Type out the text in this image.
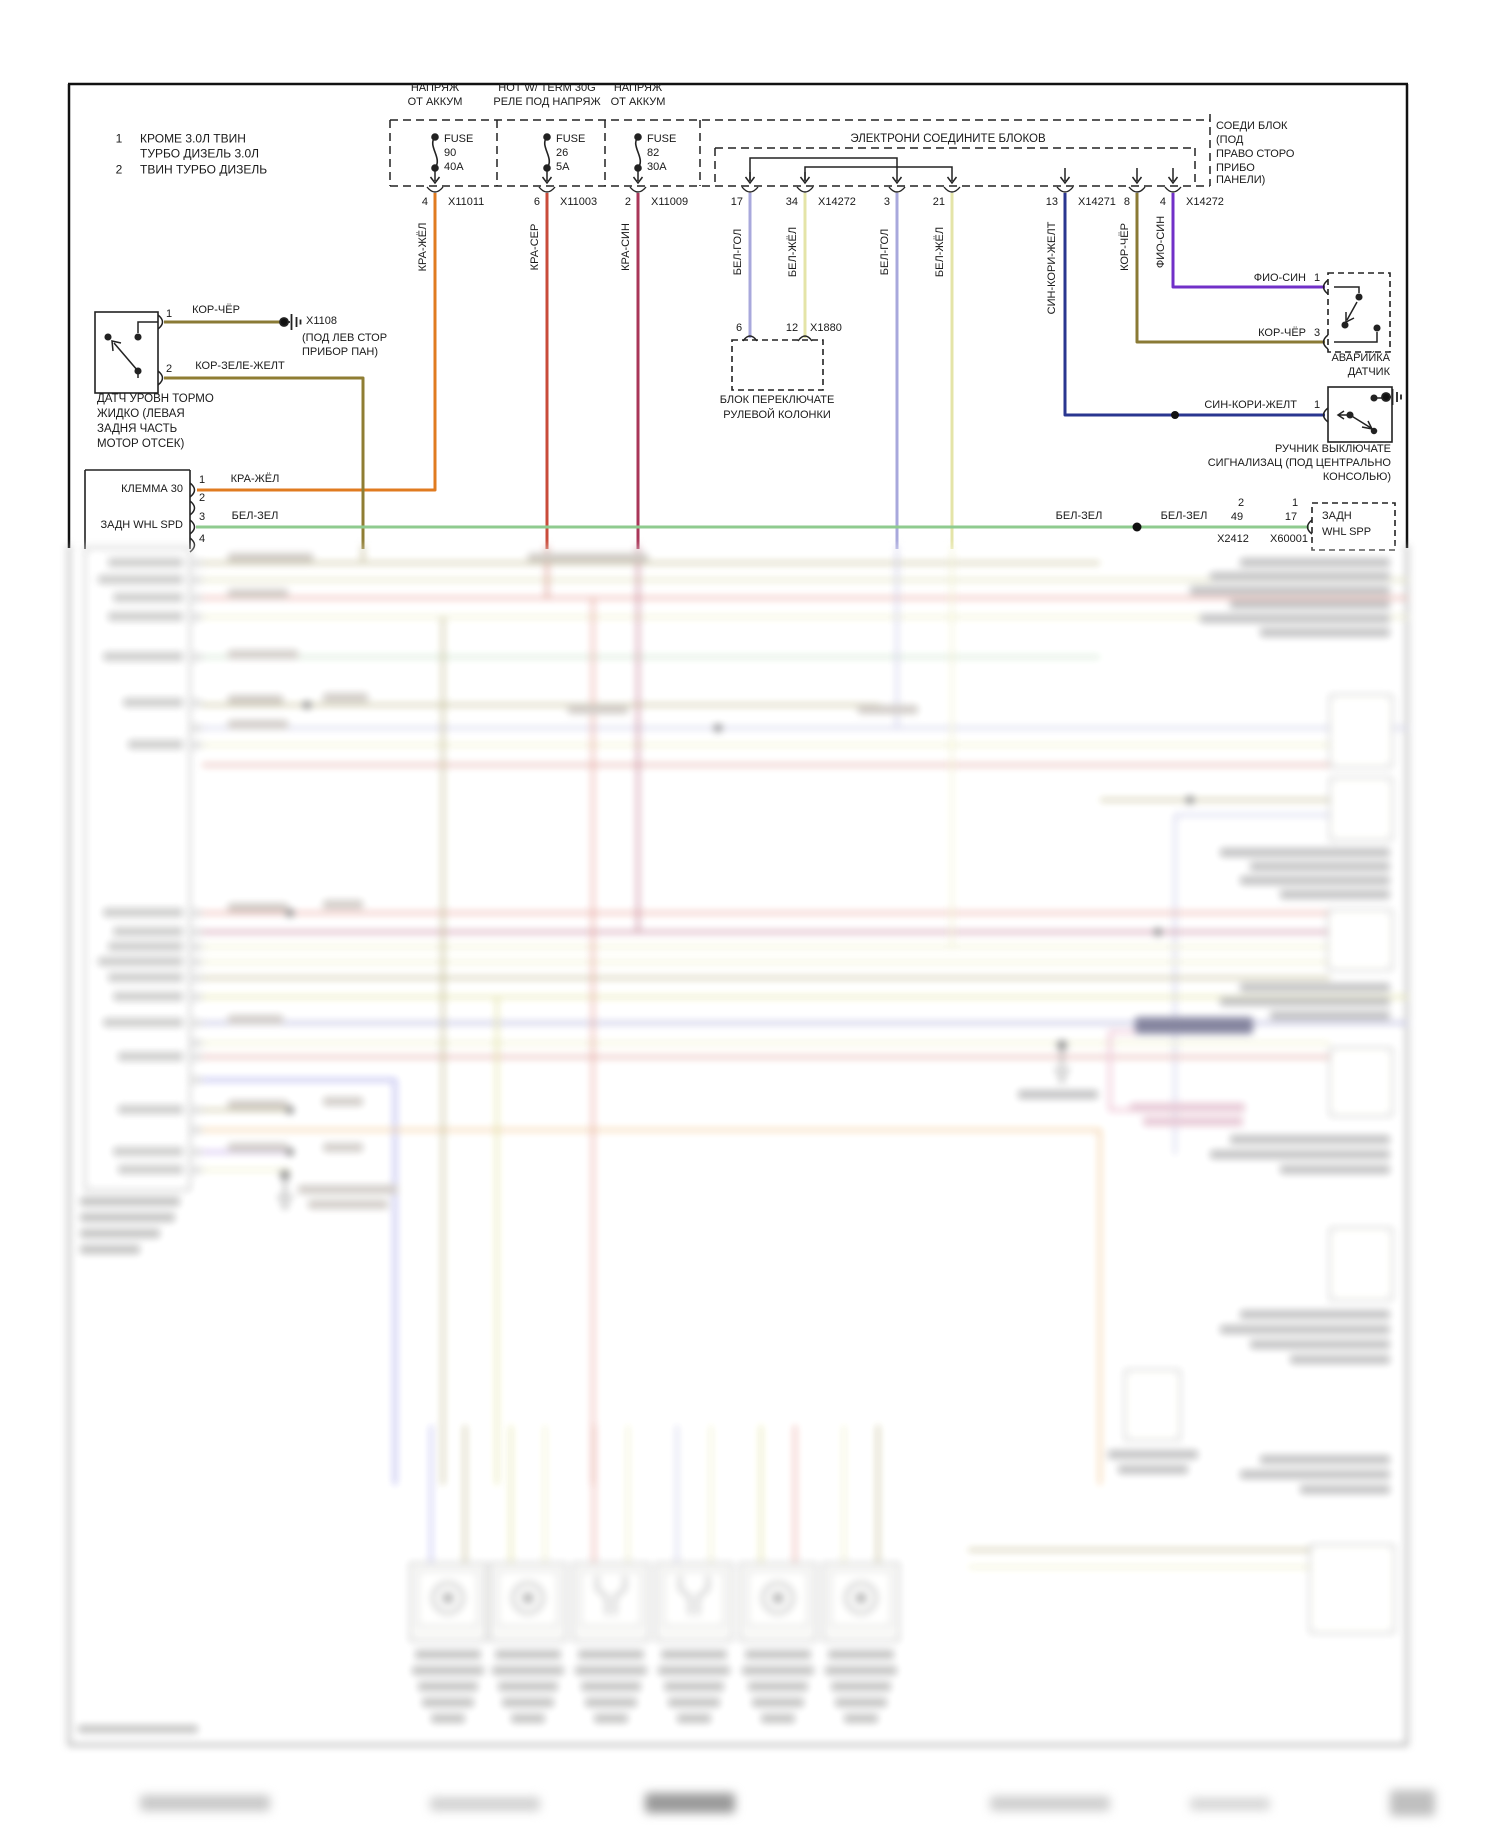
1 КРОМЕ 3.0Л ТВИН
ТУРБО ДИЗЕЛЬ 3.0Л
2 ТВИН ТУРБО ДИЗЕЛЬ
НАПРЯЖ
ОТ АККУМ
HOT W/ TERM 30G
РЕЛЕ ПОД НАПРЯЖ
НАПРЯЖ
ОТ АККУМ
FUSE
90
40A
FUSE
26
5A
FUSE
82
30A
ЭЛЕКТРОНИ СОЕДИНИТЕ БЛОКОВ
СОЕДИ БЛОК
(ПОД
ПРАВО СТОРО
ПРИБО
ПАНЕЛИ)
4 X11011
КРА-ЖЁЛ
6 X11003
КРА-СЕР
2 X11009
КРА-СИН
17
БЕЛ-ГОЛ
34 X14272
БЕЛ-ЖЁЛ
3
БЕЛ-ГОЛ
21
БЕЛ-ЖЁЛ
13 X14271
СИН-КОРИ-ЖЕЛТ
8
КОР-ЧЁР
4 X14272
ФИО-СИН
1 КОР-ЧЁР
X1108
(ПОД ЛЕВ СТОР
ПРИБОР ПАН)
2 КОР-ЗЕЛЕ-ЖЕЛТ
ДАТЧ УРОВН ТОРМО
ЖИДКО (ЛЕВАЯ
ЗАДНЯ ЧАСТЬ
МОТОР ОТСЕК)
1
2
3
4
КРА-ЖЁЛ
БЕЛ-ЗЕЛ
КЛЕММА 30
ЗАДН WHL SPD
6	12 X1880
БЛОК ПЕРЕКЛЮЧАТЕ
РУЛЕВОЙ КОЛОНКИ
ФИО-СИН 1
КОР-ЧЁР 3
АВАРИЙКА
ДАТЧИК
СИН-КОРИ-ЖЕЛТ 1
РУЧНИК ВЫКЛЮЧАТЕ
СИГНАЛИЗАЦ (ПОД ЦЕНТРАЛЬНО
КОНСОЛЬЮ)
БЕЛ-ЗЕЛ	БЕЛ-ЗЕЛ
2
49
X2412
1
17
X60001
ЗАДН
WHL SPP
